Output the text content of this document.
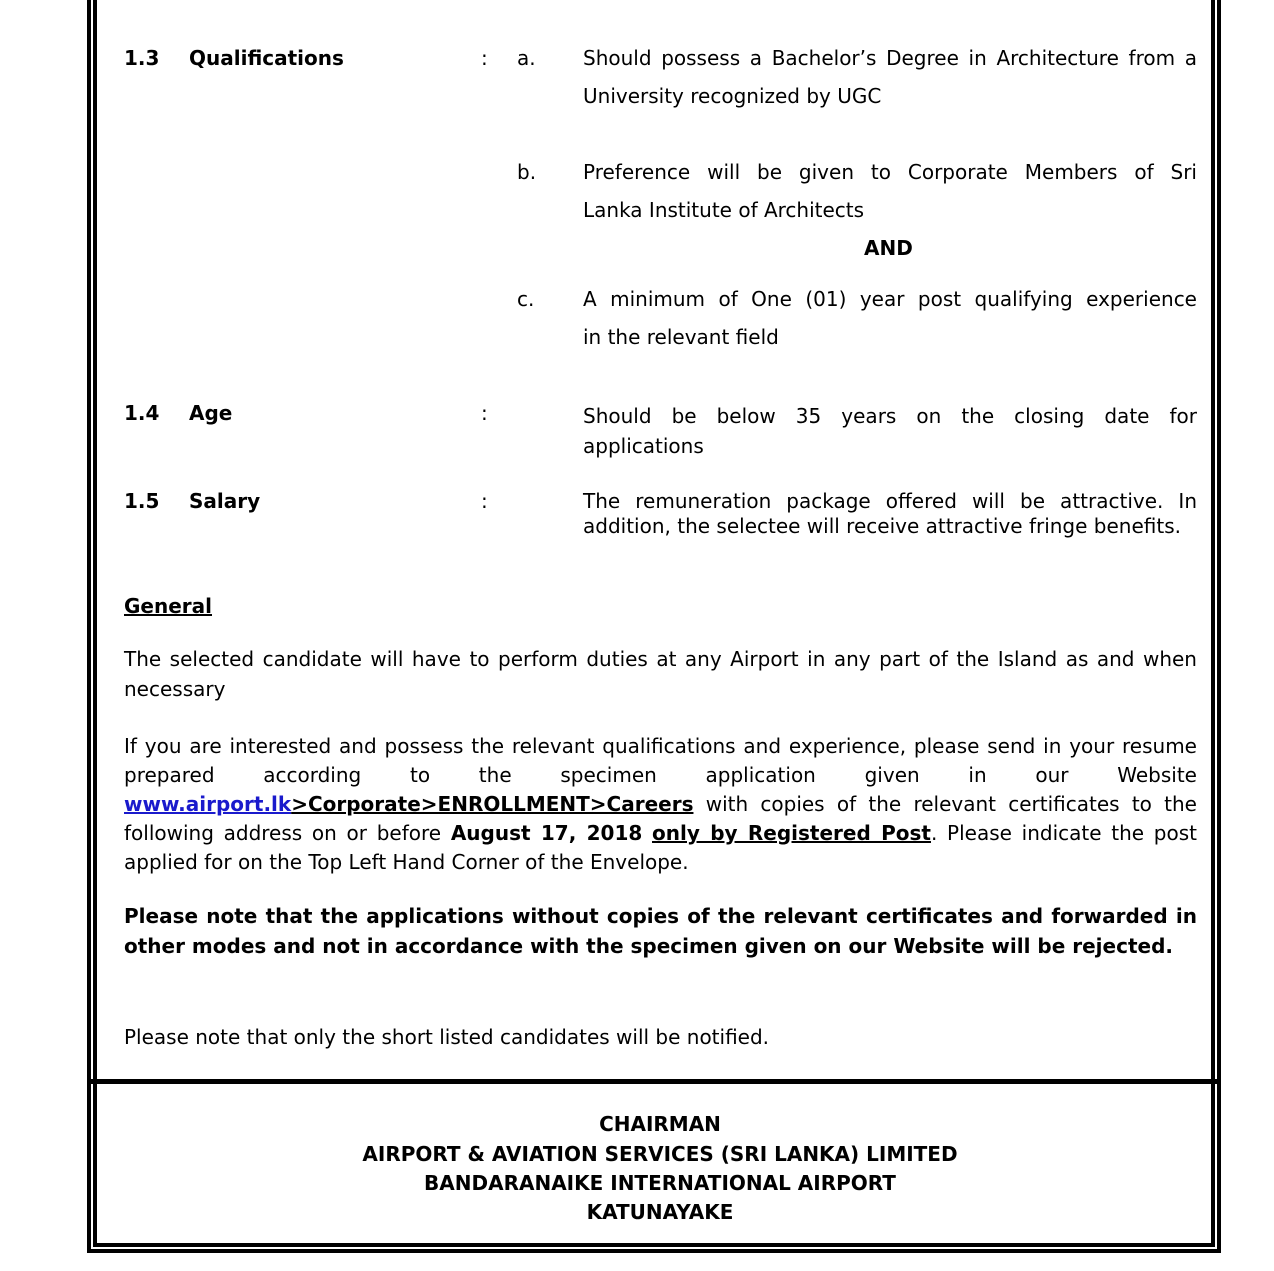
1.3 Qualifications	: a. Should possess a Bachelor’s Degree in Architecture from a
University recognized by UGC
b. Preference will be given to Corporate Members of Sri
Lanka Institute of Architects
AND
c. A minimum of One (01) year post qualifying experience
in the relevant field
1.4 Age	:	Should be below 35 years on the closing date for applications
1.5 Salary	:	The remuneration package offered will be attractive. In addition, the selectee will receive attractive fringe benefits.
General
The selected candidate will have to perform duties at any Airport in any part of the Island as and when necessary
If you are interested and possess the relevant qualifications and experience, please send in your resume prepared according to the specimen application given in our Website www.airport.lk>Corporate>ENROLLMENT>Careers with copies of the relevant certificates to the following address on or before August 17, 2018 only by Registered Post. Please indicate the post applied for on the Top Left Hand Corner of the Envelope.
Please note that the applications without copies of the relevant certificates and forwarded in other modes and not in accordance with the specimen given on our Website will be rejected.
Please note that only the short listed candidates will be notified.
CHAIRMAN
AIRPORT & AVIATION SERVICES (SRI LANKA) LIMITED
BANDARANAIKE INTERNATIONAL AIRPORT
KATUNAYAKE
